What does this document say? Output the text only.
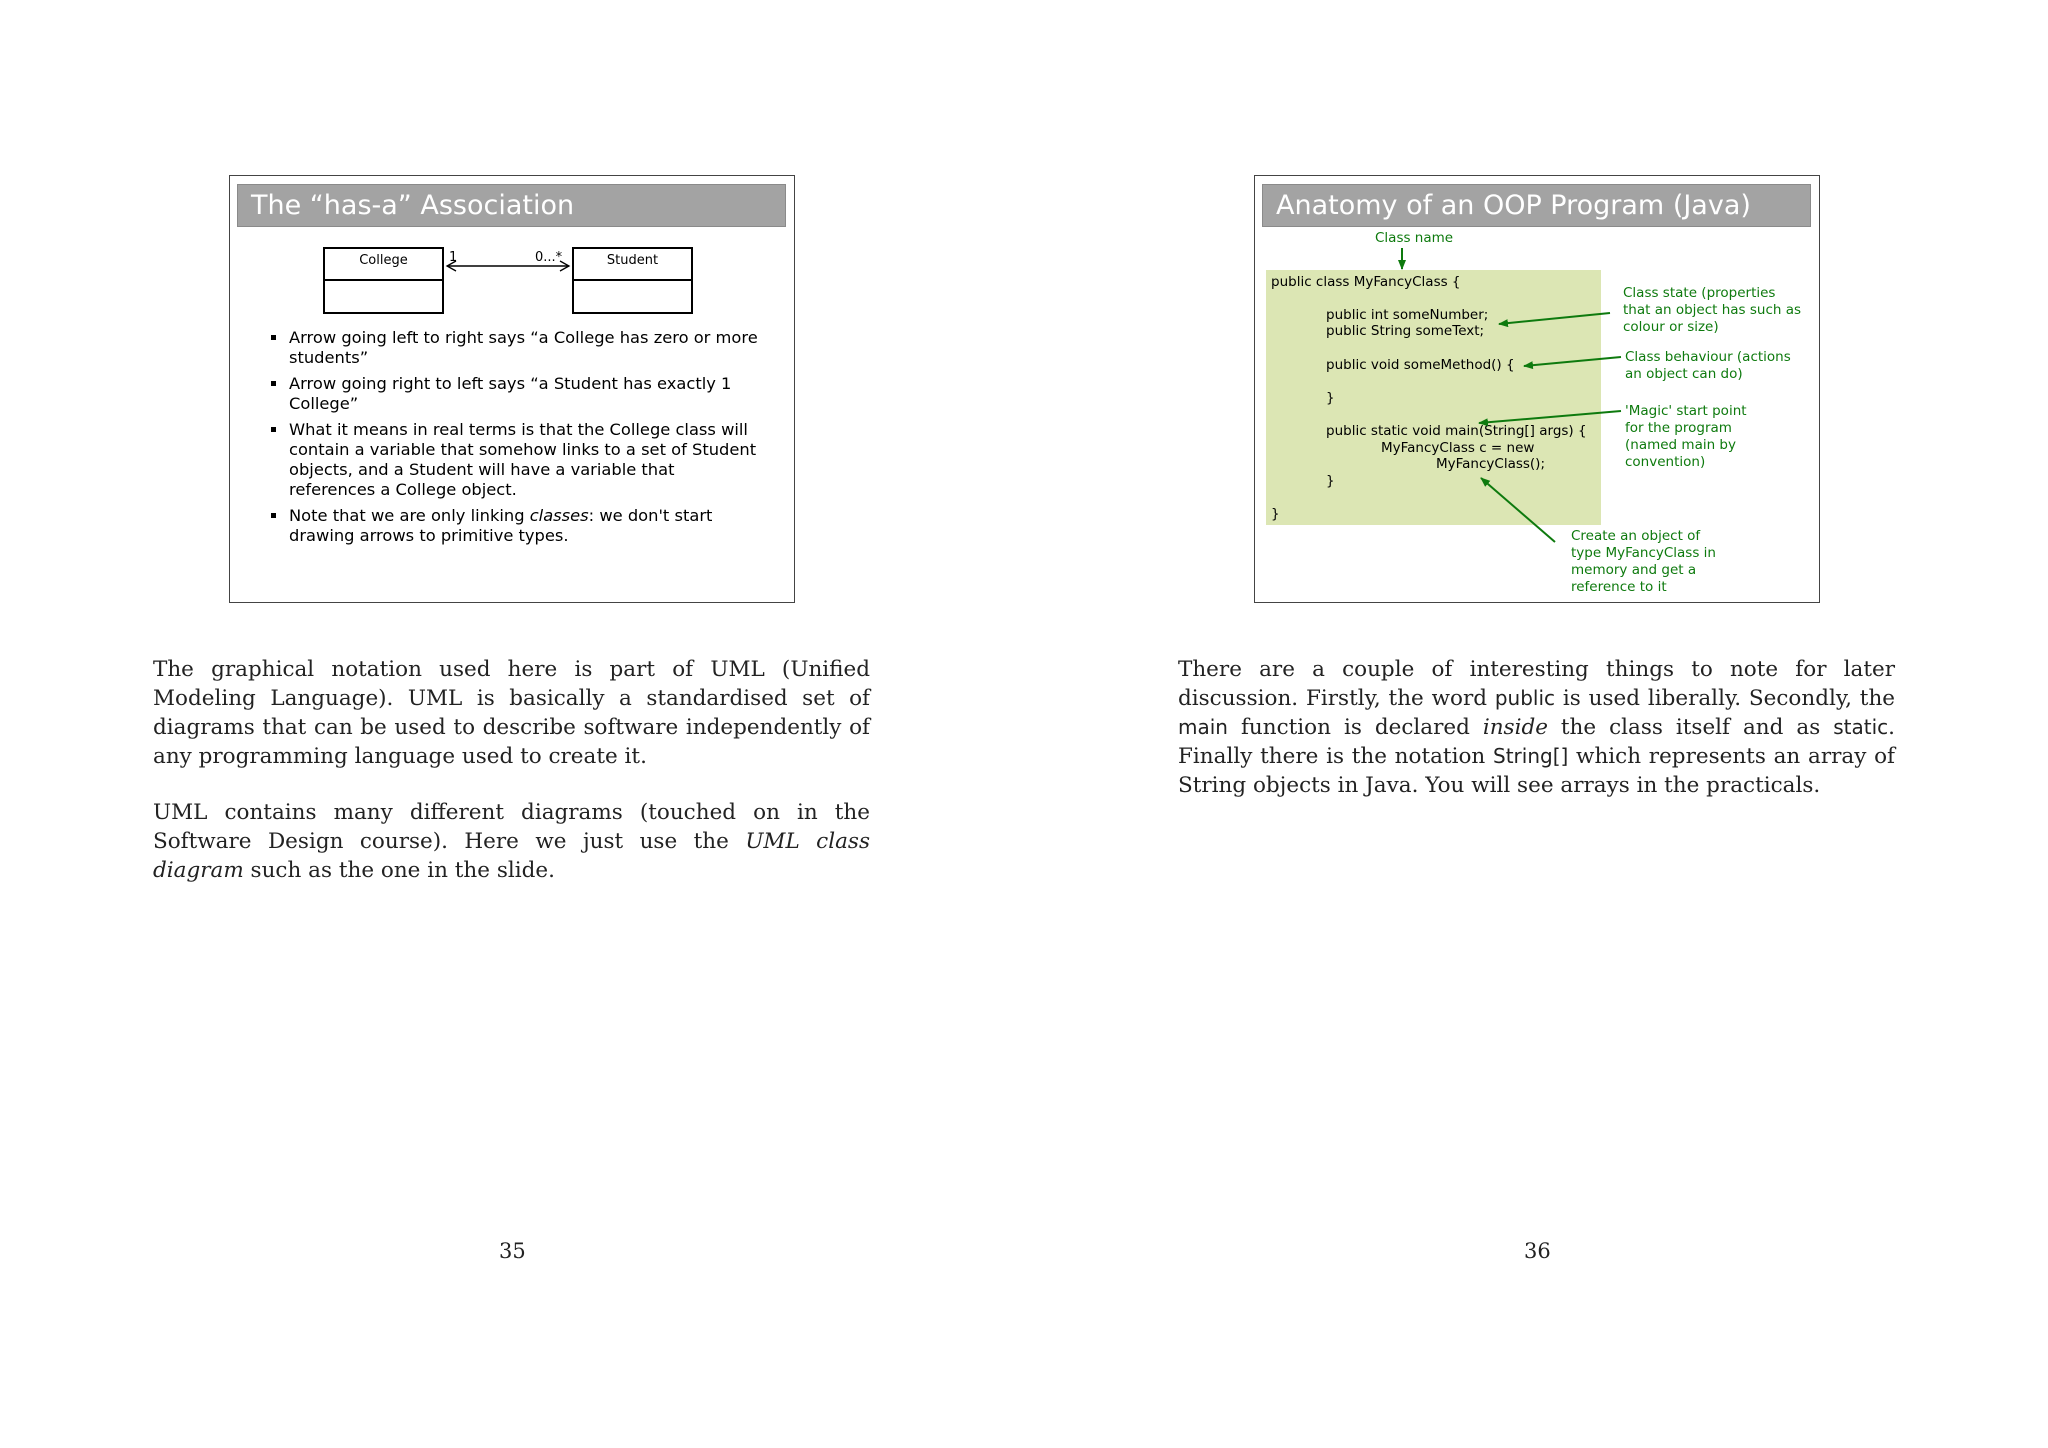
The “has-a” Association
College	Student
1	0...*
Arrow going left to right says “a College has zero or more students”
Arrow going right to left says “a Student has exactly 1 College”
What it means in real terms is that the College class will contain a variable that somehow links to a set of Student objects, and a Student will have a variable that references a College object.
Note that we are only linking classes: we don't start drawing arrows to primitive types.
Anatomy of an OOP Program (Java)
public class MyFancyClass {
public int someNumber;
public String someText;
public void someMethod() {
}
public static void main(String[] args) {
MyFancyClass c = new
MyFancyClass();
}
}
Class name
Class state (properties
that an object has such as
colour or size)
Class behaviour (actions
an object can do)
'Magic' start point
for the program
(named main by
convention)
Create an object of
type MyFancyClass in
memory and get a
reference to it

The graphical notation used here is part of UML (Unified Modeling Language). UML is basically a standardised set of diagrams that can be used to describe software independently of any programming language used to create it.

UML contains many different diagrams (touched on in the Software Design course). Here we just use the UML class diagram such as the one in the slide.

35

There are a couple of interesting things to note for later discussion. Firstly, the word public is used liberally. Secondly, the main function is declared inside the class itself and as static. Finally there is the notation String[] which represents an array of String objects in Java. You will see arrays in the practicals.

36
